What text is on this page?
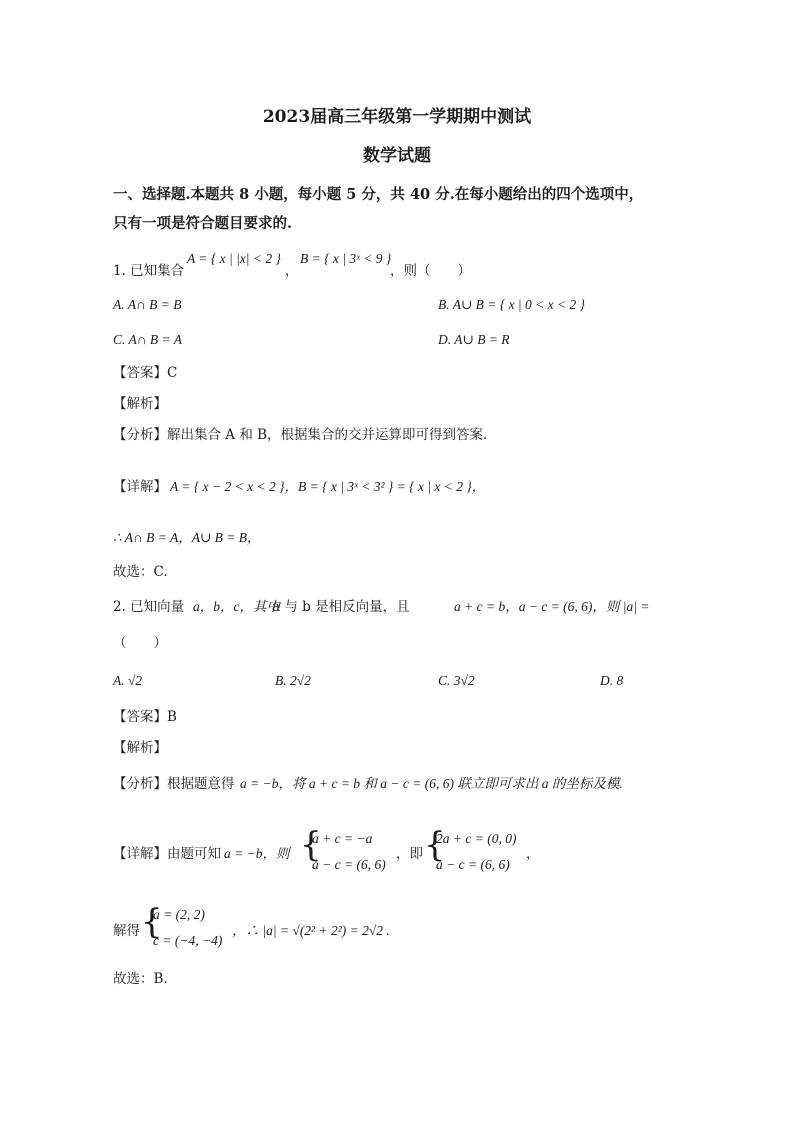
2023届高三年级第一学期期中测试
数学试题
一、选择题.本题共 8 小题，每小题 5 分，共 40 分.在每小题给出的四个选项中，
只有一项是符合题目要求的.
1. 已知集合
A = { x | |x| < 2 }
，
B = { x | 3ˣ < 9 }
，则（　　）
A. A∩ B = B	B. A∪ B = { x | 0 < x < 2 }
C. A∩ B = A	D. A∪ B = R
【答案】C
【解析】
【分析】解出集合 A 和 B，根据集合的交并运算即可得到答案．
【详解】 A = { x − 2 < x < 2 }，B = { x | 3ˣ < 3² } = { x | x < 2 }，
∴ A∩ B = A，A∪ B = B，
故选：C.
2. 已知向量 a，b，c，其中
a 与 b 是相反向量，且	a + c = b，a − c = (6, 6)，则 |a| =
（　　）
A. √2	B. 2√2	C. 3√2	D. 8
【答案】B
【解析】
【分析】根据题意得 a = −b，将 a + c = b 和 a − c = (6, 6) 联立即可求出 a 的坐标及模.
【详解】由题可知 a = −b，则 {
a + c = −a
a − c = (6, 6)
，即 {
2a + c = (0, 0)
a − c = (6, 6)
，
解得 {
a = (2, 2)
c = (−4, −4)
，∴ |a| = √(2² + 2²) = 2√2 .
故选：B.
